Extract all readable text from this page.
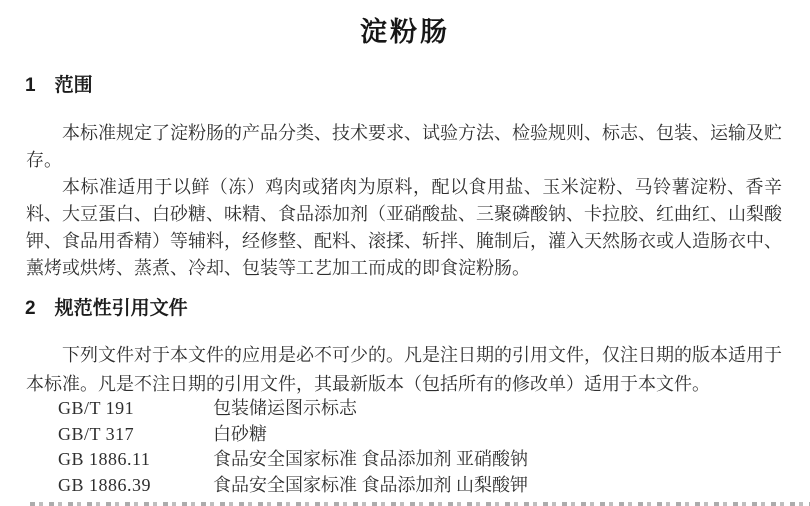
淀粉肠
1 范围

本标准规定了淀粉肠的产品分类、技术要求、试验方法、检验规则、标志、包装、运输及贮存。

本标准适用于以鲜（冻）鸡肉或猪肉为原料，配以食用盐、玉米淀粉、马铃薯淀粉、香辛料、大豆蛋白、白砂糖、味精、食品添加剂（亚硝酸盐、三聚磷酸钠、卡拉胶、红曲红、山梨酸钾、食品用香精）等辅料，经修整、配料、滚揉、斩拌、腌制后，灌入天然肠衣或人造肠衣中、薰烤或烘烤、蒸煮、冷却、包装等工艺加工而成的即食淀粉肠。

2 规范性引用文件

下列文件对于本文件的应用是必不可少的。凡是注日期的引用文件，仅注日期的版本适用于本标准。凡是不注日期的引用文件，其最新版本（包括所有的修改单）适用于本文件。

GB/T 191	包装储运图示标志
GB/T 317	白砂糖
GB 1886.11	食品安全国家标准 食品添加剂 亚硝酸钠
GB 1886.39	食品安全国家标准 食品添加剂 山梨酸钾
